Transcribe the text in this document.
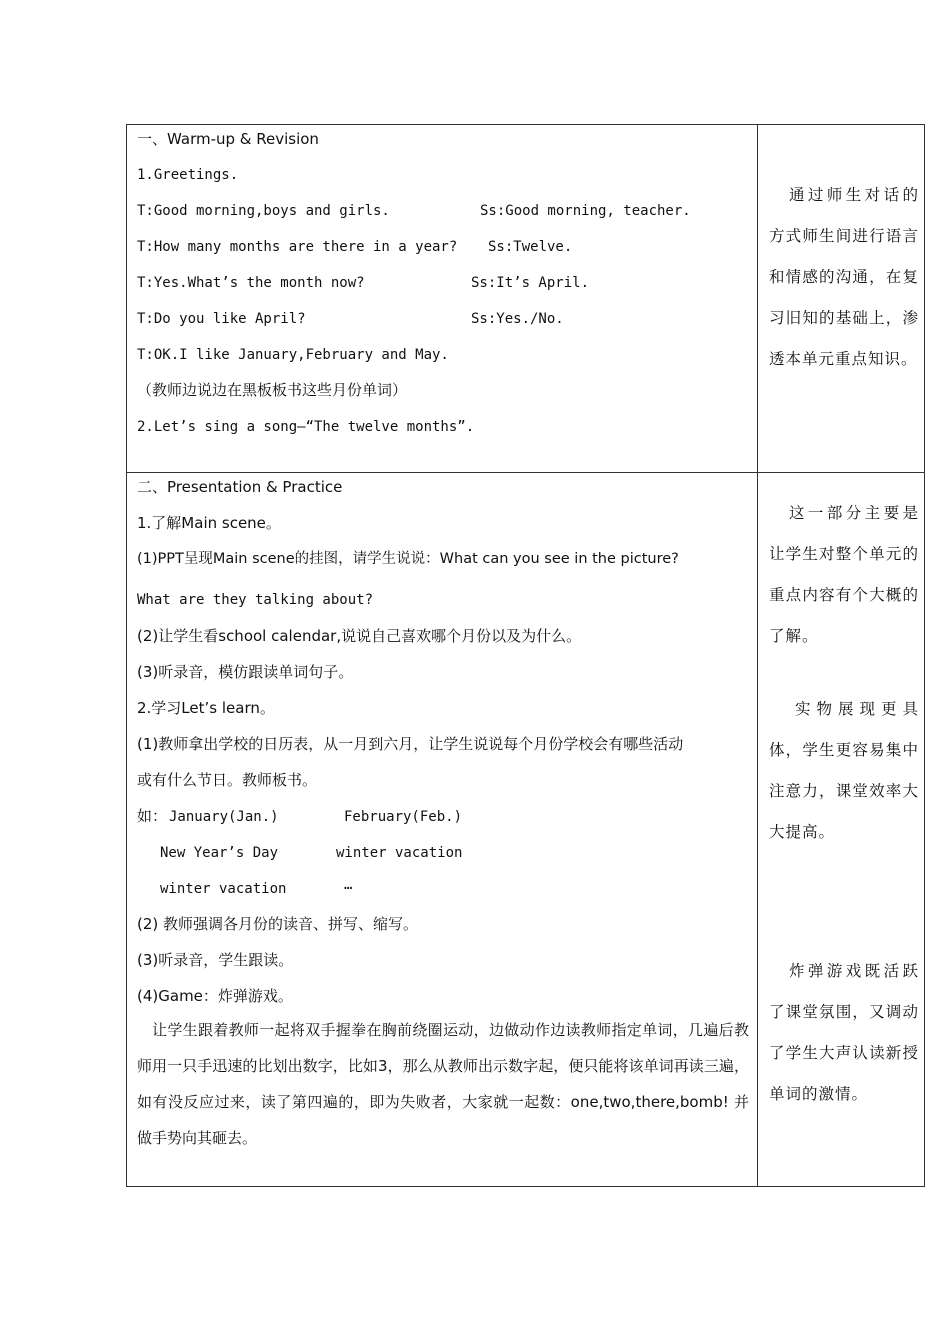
一、Warm-up & Revision
1.Greetings.
T:Good morning,boys and girls.	Ss:Good morning, teacher.
T:How many months are there in a year? Ss:Twelve.
T:Yes.What’s the month now?	Ss:It’s April.
T:Do you like April?	Ss:Yes./No.
T:OK.I like January,February and May.
（教师边说边在黑板板书这些月份单词）
2.Let’s sing a song—“The twelve months”.
通过师生对话的方式师生间进行语言和情感的沟通，在复习旧知的基础上，渗透本单元重点知识。
二、Presentation & Practice
1.了解Main scene。
(1)PPT呈现Main scene的挂图，请学生说说：What can you see in the picture?
What are they talking about?
(2)让学生看school calendar,说说自己喜欢哪个月份以及为什么。
(3)听录音，模仿跟读单词句子。
2.学习Let’s learn。
(1)教师拿出学校的日历表，从一月到六月，让学生说说每个月份学校会有哪些活动
或有什么节日。教师板书。
如： January(Jan.)	February(Feb.)
New Year’s Day	winter vacation
winter vacation	…
(2) 教师强调各月份的读音、拼写、缩写。
(3)听录音，学生跟读。
(4)Game：炸弹游戏。
让学生跟着教师一起将双手握拳在胸前绕圈运动，边做动作边读教师指定单词，几遍后教师用一只手迅速的比划出数字，比如3，那么从教师出示数字起，便只能将该单词再读三遍，如有没反应过来，读了第四遍的，即为失败者，大家就一起数：one,two,there,bomb! 并做手势向其砸去。
这一部分主要是让学生对整个单元的重点内容有个大概的了解。
实物展现更具体，学生更容易集中注意力，课堂效率大大提高。
炸弹游戏既活跃了课堂氛围，又调动了学生大声认读新授单词的激情。
